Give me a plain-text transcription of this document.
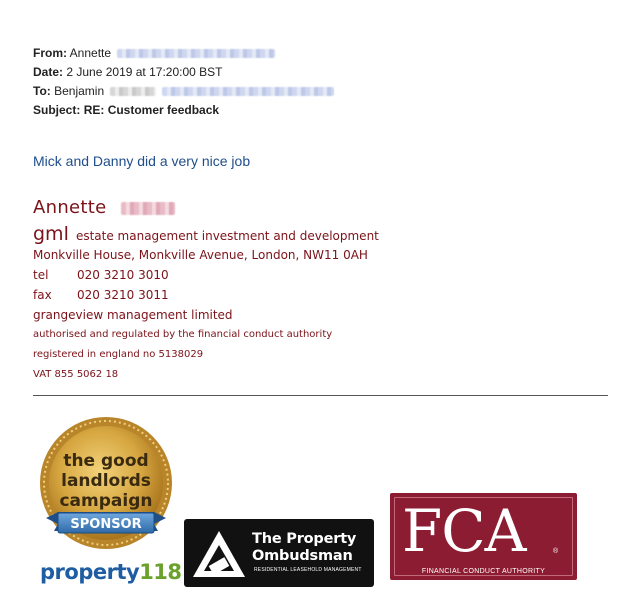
From: Annette
Date: 2 June 2019 at 17:20:00 BST
To: Benjamin
Subject: RE: Customer feedback
Mick and Danny did a very nice job
Annette
gml estate management investment and development
Monkville House, Monkville Avenue, London, NW11 0AH
tel 020 3210 3010
fax 020 3210 3011
grangeview management limited
authorised and regulated by the financial conduct authority
registered in england no 5138029
VAT 855 5062 18
the good
landlords
campaign
SPONSOR
property118
The Property
Ombudsman
RESIDENTIAL LEASEHOLD MANAGEMENT
FCA	®
FINANCIAL CONDUCT AUTHORITY
